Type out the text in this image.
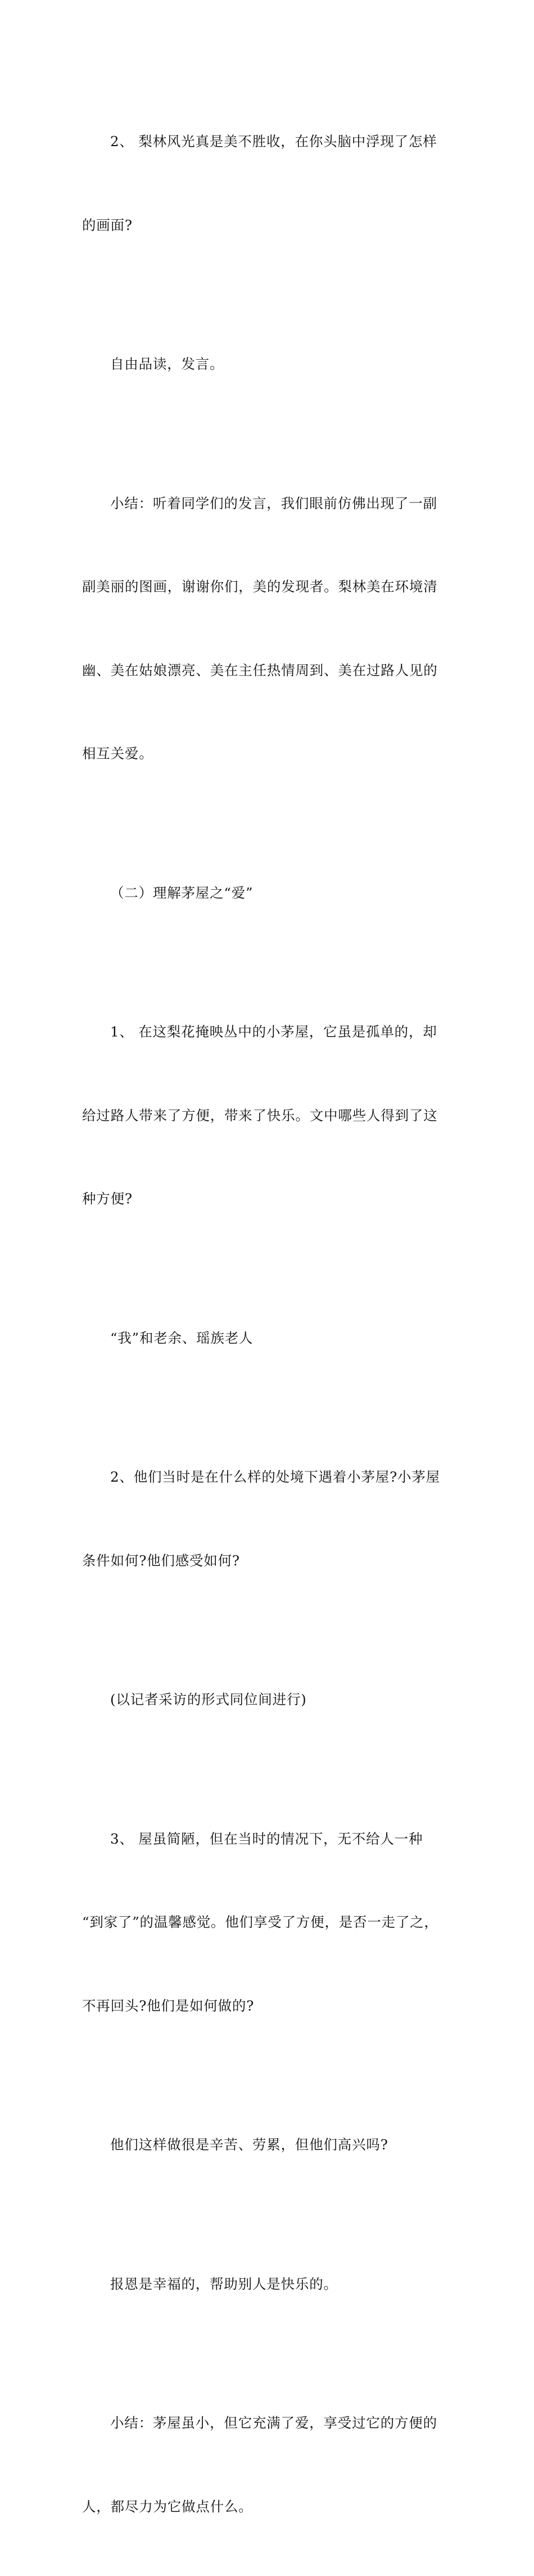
2、 梨林风光真是美不胜收，在你头脑中浮现了怎样

的画面?

自由品读，发言。

小结：听着同学们的发言，我们眼前仿佛出现了一副

副美丽的图画，谢谢你们，美的发现者。梨林美在环境清

幽、美在姑娘漂亮、美在主任热情周到、美在过路人见的

相互关爱。

（二）理解茅屋之“爱”

1、 在这梨花掩映丛中的小茅屋，它虽是孤单的，却

给过路人带来了方便，带来了快乐。文中哪些人得到了这

种方便?

“我”和老余、瑶族老人

2、他们当时是在什么样的处境下遇着小茅屋?小茅屋

条件如何?他们感受如何?

(以记者采访的形式同位间进行)

3、 屋虽简陋，但在当时的情况下，无不给人一种

“到家了”的温馨感觉。他们享受了方便，是否一走了之，

不再回头?他们是如何做的?

他们这样做很是辛苦、劳累，但他们高兴吗?

报恩是幸福的，帮助别人是快乐的。

小结：茅屋虽小，但它充满了爱，享受过它的方便的

人，都尽力为它做点什么。
